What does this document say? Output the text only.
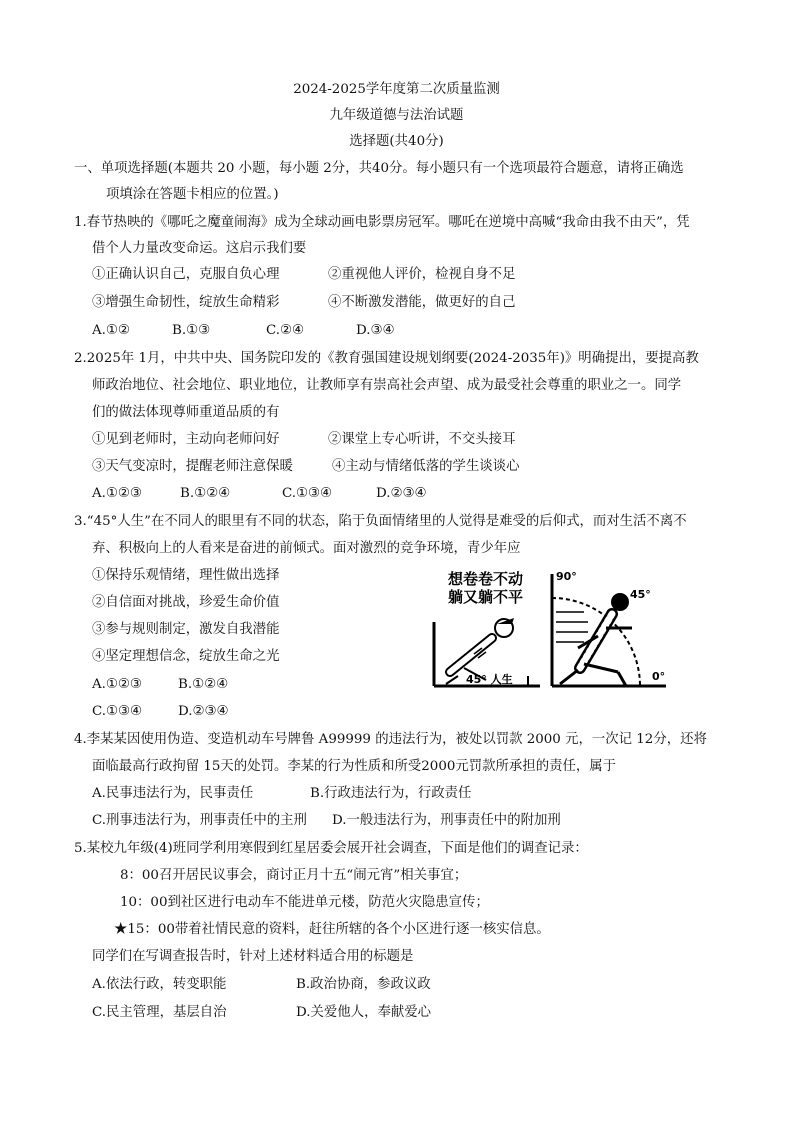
2024-2025学年度第二次质量监测
九年级道德与法治试题
选择题(共40分)
一、单项选择题(本题共 20 小题，每小题 2分，共40分。每小题只有一个选项最符合题意，请将正确选
项填涂在答题卡相应的位置。)
1.春节热映的《哪吒之魔童闹海》成为全球动画电影票房冠军。哪吒在逆境中高喊“我命由我不由天”，凭
借个人力量改变命运。这启示我们要
①正确认识自己，克服自负心理	②重视他人评价，检视自身不足
③增强生命韧性，绽放生命精彩	④不断激发潜能，做更好的自己
A.①②	B.①③	C.②④	D.③④
2.2025年 1月，中共中央、国务院印发的《教育强国建设规划纲要(2024-2035年)》明确提出，要提高教
师政治地位、社会地位、职业地位，让教师享有崇高社会声望、成为最受社会尊重的职业之一。同学
们的做法体现尊师重道品质的有
①见到老师时，主动向老师问好	②课堂上专心听讲，不交头接耳
③天气变凉时，提醒老师注意保暖	④主动与情绪低落的学生谈谈心
A.①②③	B.①②④	C.①③④	D.②③④
3.“45°人生”在不同人的眼里有不同的状态，陷于负面情绪里的人觉得是难受的后仰式，而对生活不离不
弃、积极向上的人看来是奋进的前倾式。面对激烈的竞争环境，青少年应
①保持乐观情绪，理性做出选择
②自信面对挑战，珍爱生命价值
③参与规则制定，激发自我潜能
④坚定理想信念，绽放生命之光
A.①②③	B.①②④
C.①③④	D.②③④
想卷卷不动
躺又躺不平
45° 人生
90°
45°
0°
4.李某某因使用伪造、变造机动车号牌鲁 A99999 的违法行为，被处以罚款 2000 元，一次记 12分，还将
面临最高行政拘留 15天的处罚。李某的行为性质和所受2000元罚款所承担的责任，属于
A.民事违法行为，民事责任	B.行政违法行为，行政责任
C.刑事违法行为，刑事责任中的主刑 D.一般违法行为，刑事责任中的附加刑
5.某校九年级(4)班同学利用寒假到红星居委会展开社会调查，下面是他们的调查记录：
8：00召开居民议事会，商讨正月十五“闹元宵”相关事宜；
10：00到社区进行电动车不能进单元楼，防范火灾隐患宣传；
★15：00带着社情民意的资料，赶往所辖的各个小区进行逐一核实信息。
同学们在写调查报告时，针对上述材料适合用的标题是
A.依法行政，转变职能	B.政治协商，参政议政
C.民主管理，基层自治	D.关爱他人，奉献爱心
